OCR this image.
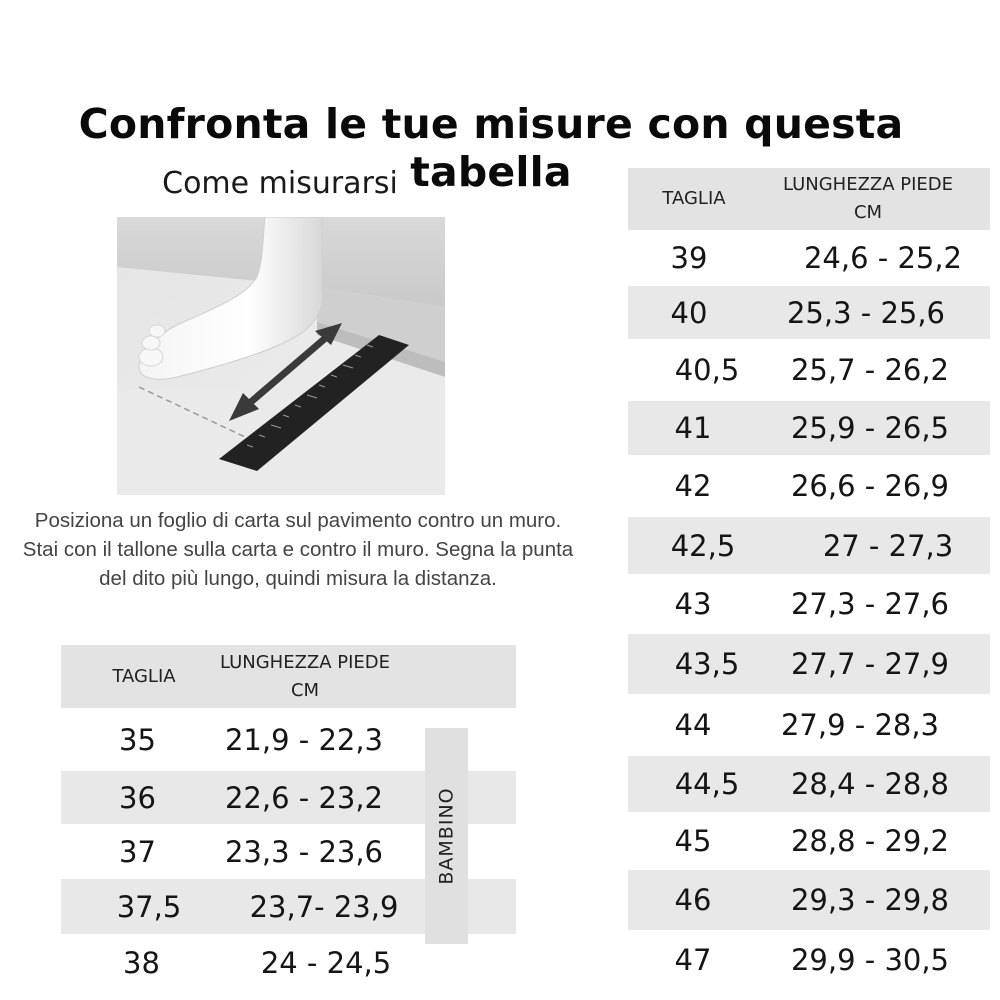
Confronta le tue misure con questa tabella
Come misurarsi
Posiziona un foglio di carta sul pavimento contro un muro. Stai con il tallone sulla carta e contro il muro. Segna la punta del dito più lungo, quindi misura la distanza.
TAGLIA
LUNGHEZZA PIEDE CM
35	21,9 - 22,3
36	22,6 - 23,2
37	23,3 - 23,6
37,5	23,7- 23,9
38	24 - 24,5
BAMBINO
TAGLIA
LUNGHEZZA PIEDE CM
39	24,6 - 25,2
40	25,3 - 25,6
40,5	25,7 - 26,2
41	25,9 - 26,5
42	26,6 - 26,9
42,5	27 - 27,3
43	27,3 - 27,6
43,5	27,7 - 27,9
44	27,9 - 28,3
44,5	28,4 - 28,8
45	28,8 - 29,2
46	29,3 - 29,8
47	29,9 - 30,5
